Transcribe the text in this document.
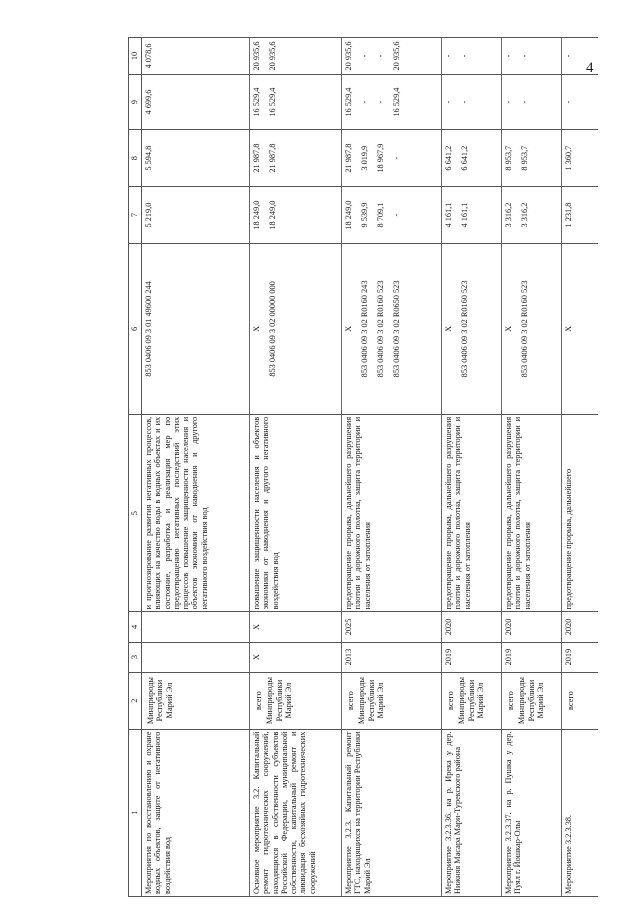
4
1	2	3	4	5	6	7	8	9	10
Мероприятия по восстановлению и охране водных объектов, защите от негативного воздействия вод	Минприроды Республики Марий Эл			и прогнозирование развития негативных процессов, влияющих на качество воды в водных объектах и их состояние, разработка и реализация мер по предотвращению негативных последствий этих процессов повышение защищенности населения и объектов экономики от наводнения и другого негативного воздействия вод	853 0406 09 3 01 49600 244	5 219,0	5 594,8	4 699,6	4 078,6

Основное мероприятие 3.2. Капитальный ремонт гидротехнических сооружений, находящихся в собственности субъектов Российской Федерации, муниципальной собственности, капитальный ремонт и ликвидация бесхозяйных гидротехнических сооружений	всего Минприроды Республики Марий Эл	X	X	повышение защищенности населения и объектов экономики от наводнения и другого негативного воздействия вод	X 853 0406 09 3 02 00000 000	18 249,0 18 249,0	21 987,8 21 987,8	16 529,4 16 529,4	20 935,6 20 935,6

Мероприятие 3.2.3. Капитальный ремонт ГТС, находящихся на территории Республики Марий Эл	всего Минприроды Республики Марий Эл	2013	2025	предотвращение прорыва, дальнейшего разрушения плотин и дорожного полотна, защита территории и населения от затопления	X 853 0406 09 3 02 R0160 243 853 0406 09 3 02 R0160 523 853 0406 09 3 02 R0650 523	18 249,0 9 539,9 8 709,1 -	21 987,8 3 019,9 18 967,9 -	16 529,4 - - 16 529,4	20 935,6 - - 20 935,6

Мероприятие 3.2.3.36. на р. Ирека у дер. Нижняя Масара Мари-Турекского района	всего Минприроды Республики Марий Эл	2019	2020	предотвращение прорыва, дальнейшего разрушения плотин и дорожного полотна, защита территории и населения от затопления	X 853 0406 09 3 02 R0160 523	4 161,1 4 161,1	6 641,2 6 641,2	- -	- -

Мероприятие 3.2.3.37. на р. Пушка у дер. Пуял г. Йошкар-Олы	всего Минприроды Республики Марий Эл	2019	2020	предотвращение прорыва, дальнейшего разрушения плотин и дорожного полотна, защита территории и населения от затопления	X 853 0406 09 3 02 R0160 523	3 316,2 3 316,2	8 953,7 8 953,7	- -	- -

Мероприятие 3.2.3.38.	всего	2019	2020	предотвращение прорыва, дальнейшего	X	1 231,8	1 360,7	-	-
